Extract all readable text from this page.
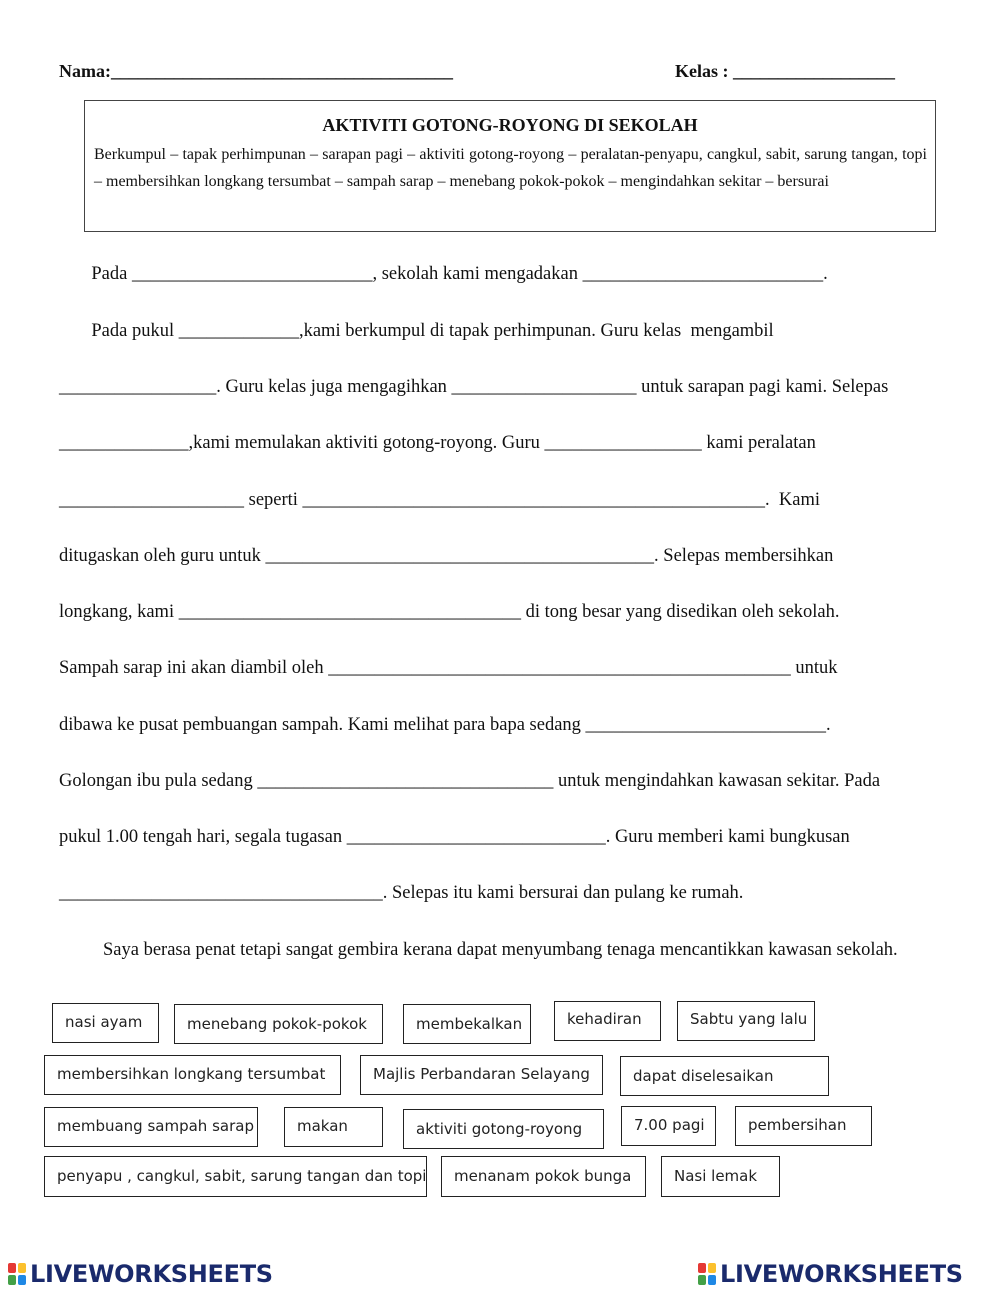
Nama:______________________________________	Kelas : __________________
AKTIVITI GOTONG-ROYONG DI SEKOLAH
Berkumpul – tapak perhimpunan – sarapan pagi – aktiviti gotong-royong – peralatan-penyapu, cangkul, sabit, sarung tangan, topi – membersihkan longkang tersumbat – sampah sarap – menebang pokok-pokok – mengindahkan sekitar – bersurai
Pada __________________________, sekolah kami mengadakan __________________________.
Pada pukul _____________,kami berkumpul di tapak perhimpunan. Guru kelas  mengambil
_________________. Guru kelas juga mengagihkan ____________________ untuk sarapan pagi kami. Selepas
______________,kami memulakan aktiviti gotong-royong. Guru _________________ kami peralatan
____________________ seperti __________________________________________________.  Kami
ditugaskan oleh guru untuk __________________________________________. Selepas membersihkan
longkang, kami _____________________________________ di tong besar yang disedikan oleh sekolah.
Sampah sarap ini akan diambil oleh __________________________________________________ untuk
dibawa ke pusat pembuangan sampah. Kami melihat para bapa sedang __________________________.
Golongan ibu pula sedang ________________________________ untuk mengindahkan kawasan sekitar. Pada
pukul 1.00 tengah hari, segala tugasan ____________________________. Guru memberi kami bungkusan
___________________________________. Selepas itu kami bersurai dan pulang ke rumah.
Saya berasa penat tetapi sangat gembira kerana dapat menyumbang tenaga mencantikkan kawasan sekolah.
nasi ayam	menebang pokok-pokok	membekalkan	kehadiran	Sabtu yang lalu
membersihkan longkang tersumbat	Majlis Perbandaran Selayang	dapat diselesaikan
membuang sampah sarap	makan	aktiviti gotong-royong	7.00 pagi	pembersihan
penyapu , cangkul, sabit, sarung tangan dan topi	menanam pokok bunga	Nasi lemak
LIVEWORKSHEETS	LIVEWORKSHEETS
